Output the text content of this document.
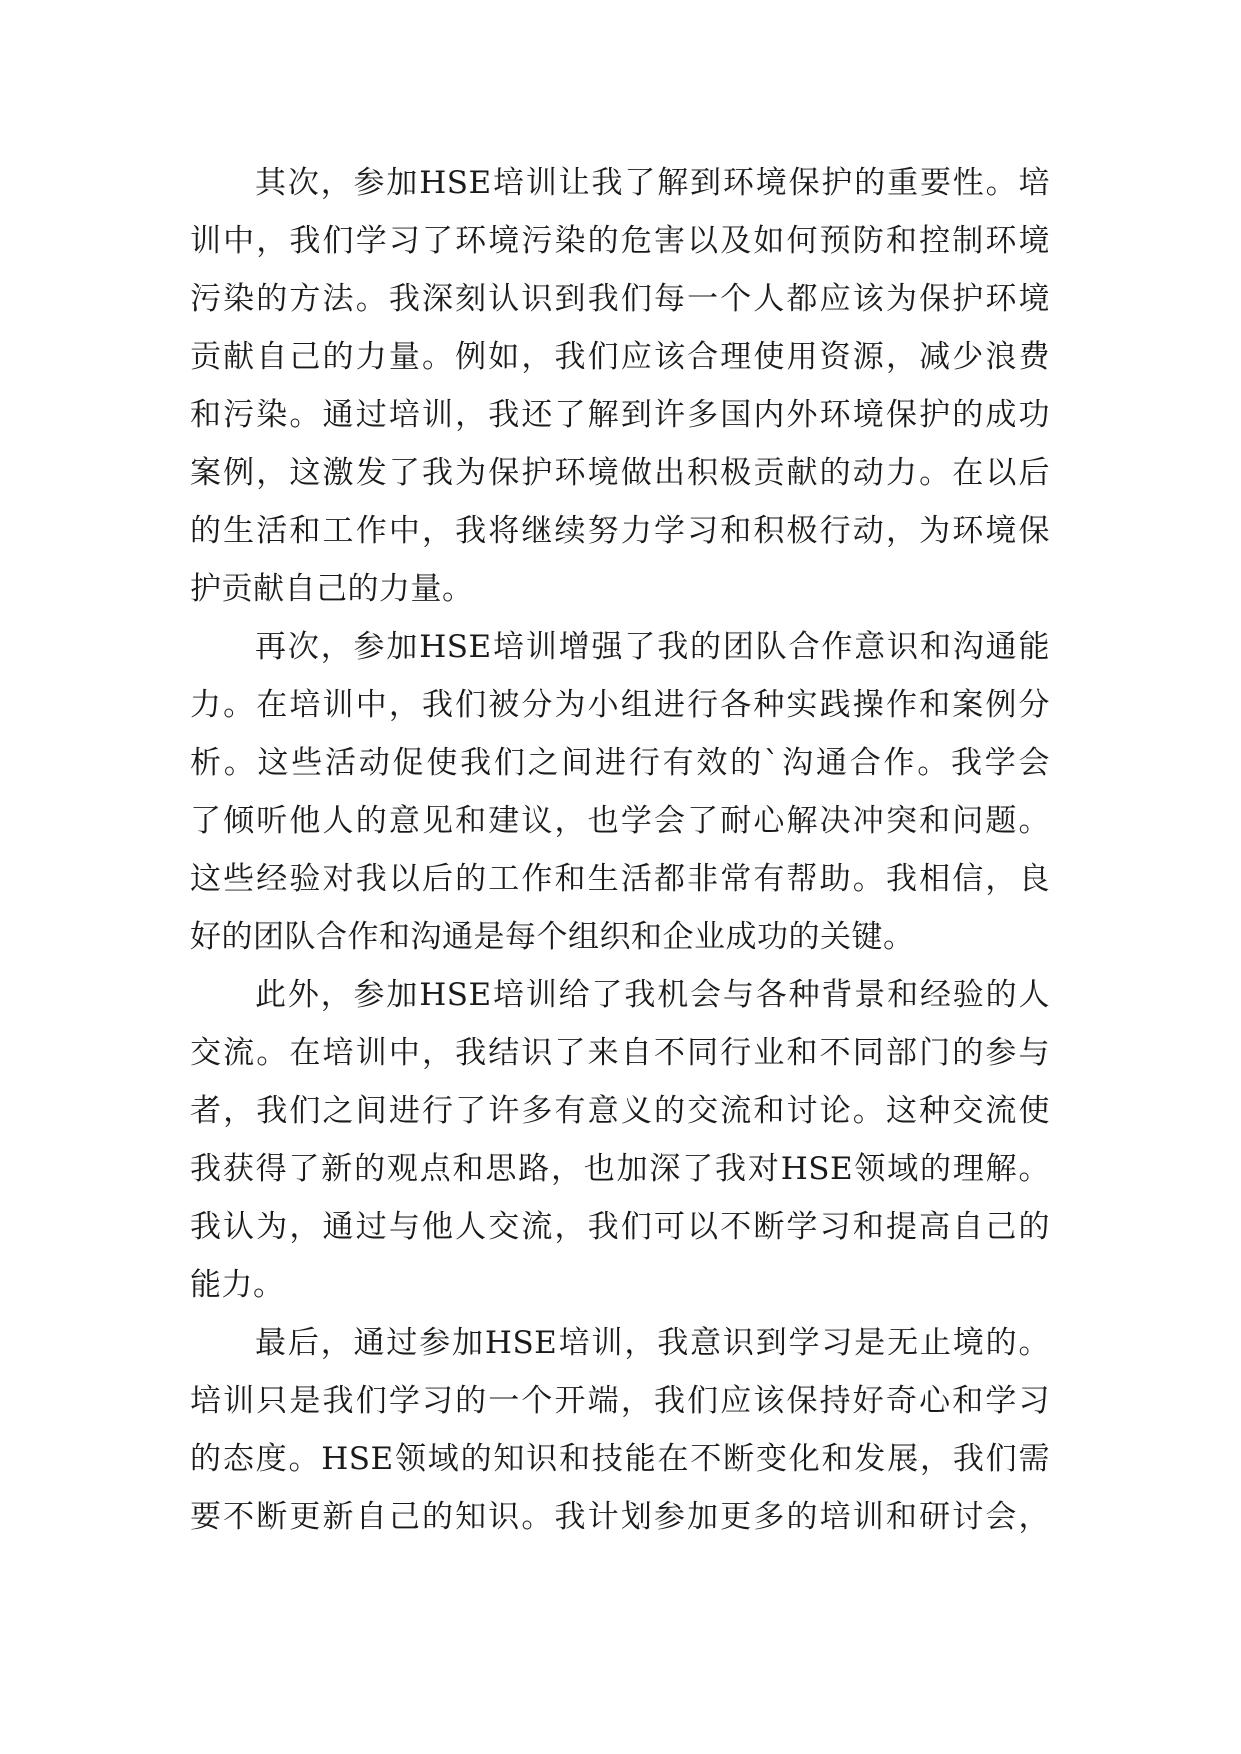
其次，参加HSE培训让我了解到环境保护的重要性。培
训中，我们学习了环境污染的危害以及如何预防和控制环境
污染的方法。我深刻认识到我们每一个人都应该为保护环境
贡献自己的力量。例如，我们应该合理使用资源，减少浪费
和污染。通过培训，我还了解到许多国内外环境保护的成功
案例，这激发了我为保护环境做出积极贡献的动力。在以后
的生活和工作中，我将继续努力学习和积极行动，为环境保
护贡献自己的力量。
再次，参加HSE培训增强了我的团队合作意识和沟通能
力。在培训中，我们被分为小组进行各种实践操作和案例分
析。这些活动促使我们之间进行有效的`沟通合作。我学会
了倾听他人的意见和建议，也学会了耐心解决冲突和问题。
这些经验对我以后的工作和生活都非常有帮助。我相信，良
好的团队合作和沟通是每个组织和企业成功的关键。
此外，参加HSE培训给了我机会与各种背景和经验的人
交流。在培训中，我结识了来自不同行业和不同部门的参与
者，我们之间进行了许多有意义的交流和讨论。这种交流使
我获得了新的观点和思路，也加深了我对HSE领域的理解。
我认为，通过与他人交流，我们可以不断学习和提高自己的
能力。
最后，通过参加HSE培训，我意识到学习是无止境的。
培训只是我们学习的一个开端，我们应该保持好奇心和学习
的态度。HSE领域的知识和技能在不断变化和发展，我们需
要不断更新自己的知识。我计划参加更多的培训和研讨会，
